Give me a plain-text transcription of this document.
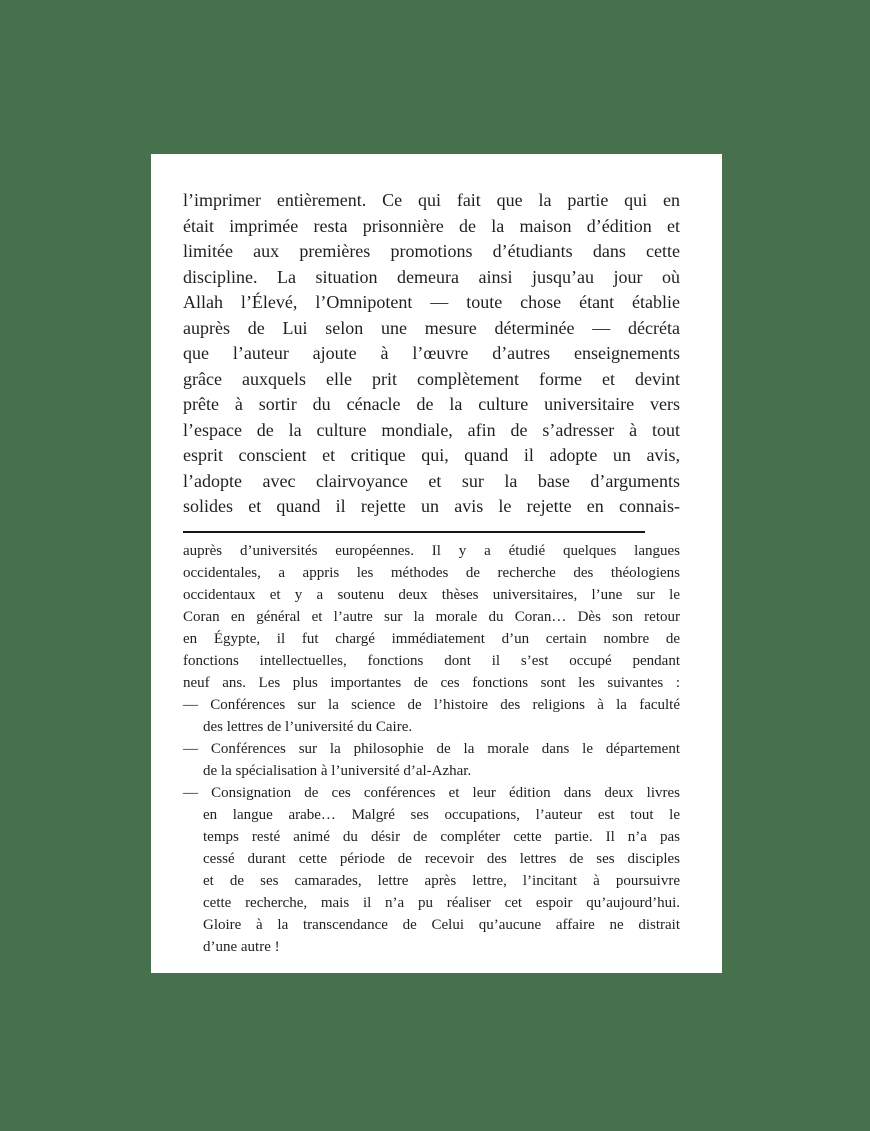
l’imprimer entièrement. Ce qui fait que la partie qui en
était imprimée resta prisonnière de la maison d’édition et
limitée aux premières promotions d’étudiants dans cette
discipline. La situation demeura ainsi jusqu’au jour où
Allah l’Élevé, l’Omnipotent — toute chose étant établie
auprès de Lui selon une mesure déterminée — décréta
que l’auteur ajoute à l’œuvre d’autres enseignements
grâce auxquels elle prit complètement forme et devint
prête à sortir du cénacle de la culture universitaire vers
l’espace de la culture mondiale, afin de s’adresser à tout
esprit conscient et critique qui, quand il adopte un avis,
l’adopte avec clairvoyance et sur la base d’arguments
solides et quand il rejette un avis le rejette en connais-
auprès d’universités européennes. Il y a étudié quelques langues
occidentales, a appris les méthodes de recherche des théologiens
occidentaux et y a soutenu deux thèses universitaires, l’une sur le
Coran en général et l’autre sur la morale du Coran… Dès son retour
en Égypte, il fut chargé immédiatement d’un certain nombre de
fonctions intellectuelles, fonctions dont il s’est occupé pendant
neuf ans. Les plus importantes de ces fonctions sont les suivantes :
— Conférences sur la science de l’histoire des religions à la faculté
des lettres de l’université du Caire.
— Conférences sur la philosophie de la morale dans le département
de la spécialisation à l’université d’al-Azhar.
— Consignation de ces conférences et leur édition dans deux livres
en langue arabe… Malgré ses occupations, l’auteur est tout le
temps resté animé du désir de compléter cette partie. Il n’a pas
cessé durant cette période de recevoir des lettres de ses disciples
et de ses camarades, lettre après lettre, l’incitant à poursuivre
cette recherche, mais il n’a pu réaliser cet espoir qu’aujourd’hui.
Gloire à la transcendance de Celui qu’aucune affaire ne distrait
d’une autre !
